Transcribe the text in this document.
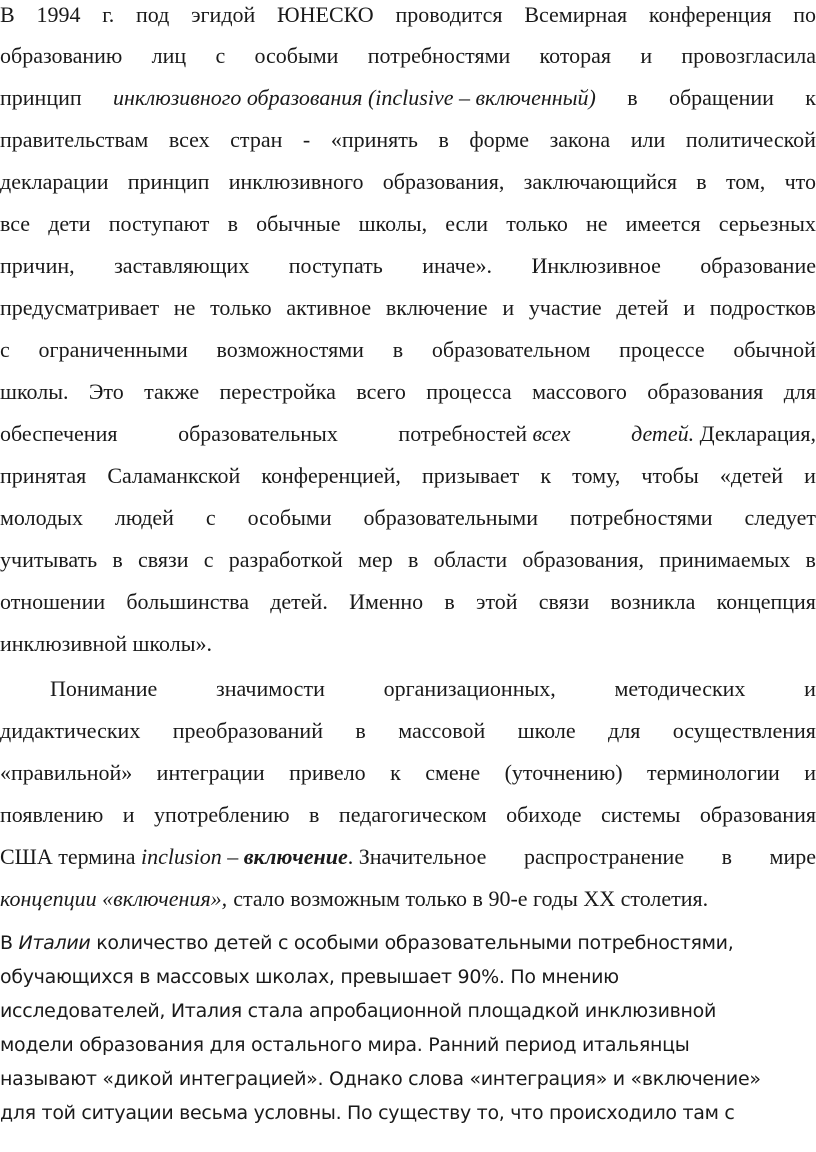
В 1994 г. под эгидой ЮНЕСКО проводится Всемирная конференция по
образованию лиц с особыми потребностями которая и провозгласила
принцип инклюзивного образования (inclusive – включенный) в обращении к
правительствам всех стран - «принять в форме закона или политической
декларации принцип инклюзивного образования, заключающийся в том, что
все дети поступают в обычные школы, если только не имеется серьезных
причин, заставляющих поступать иначе». Инклюзивное образование
предусматривает не только активное включение и участие детей и подростков
с ограниченными возможностями в образовательном процессе обычной
школы. Это также перестройка всего процесса массового образования для
обеспечения	образовательных	потребностей всех	детей. Декларация,
принятая Саламанкской конференцией, призывает к тому, чтобы «детей и
молодых людей с особыми образовательными потребностями следует
учитывать в связи с разработкой мер в области образования, принимаемых в
отношении большинства детей. Именно в этой связи возникла концепция
инклюзивной школы».
Понимание	значимости	организационных,	методических	и
дидактических преобразований в массовой школе для осуществления
«правильной» интеграции привело к смене (уточнению) терминологии и
появлению и употреблению в педагогическом обиходе системы образования
США термина inclusion – включение. Значительное распространение в мире
концепции «включения», стало возможным только в 90-е годы XX столетия.
В Италии количество детей с особыми образовательными потребностями,
обучающихся в массовых школах, превышает 90%. По мнению
исследователей, Италия стала апробационной площадкой инклюзивной
модели образования для остального мира. Ранний период итальянцы
называют «дикой интеграцией». Однако слова «интеграция» и «включение»
для той ситуации весьма условны. По существу то, что происходило там с
